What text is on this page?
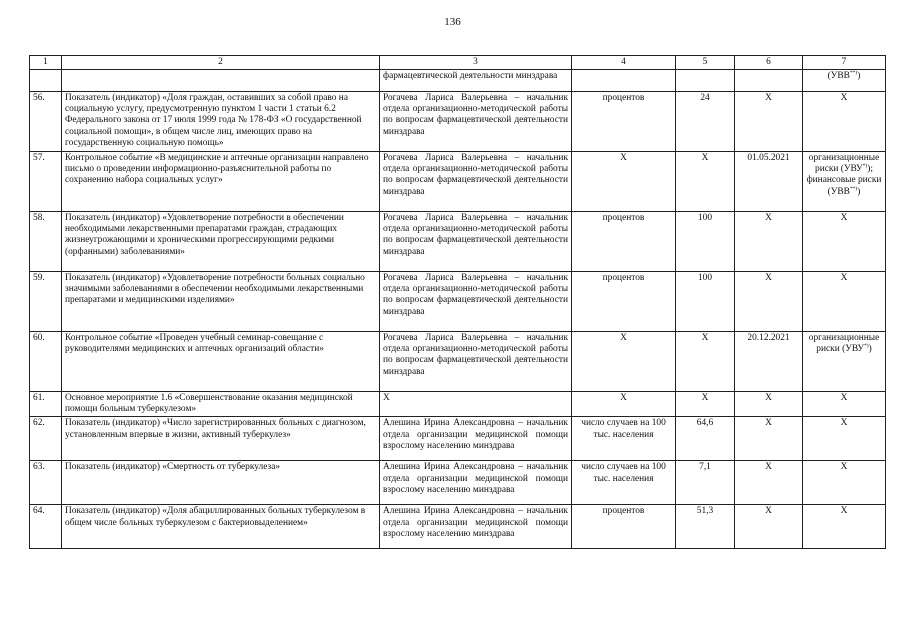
136
1	2	3	4	5	6	7
		фармацевтической деятельности минздрава				(УВВ**))

56.	Показатель (индикатор) «Доля граждан, оставивших за собой право на социальную услугу, предусмотренную пунктом 1 части 1 статьи 6.2 Федерального закона от 17 июля 1999 года № 178-ФЗ «О государственной социальной помощи», в общем числе лиц, имеющих право на государственную социальную помощь»	Рогачева Лариса Валерьевна – начальник отдела организационно-методической работы по вопросам фармацевтической деятельности минздрава	процентов	24	Х	Х

57.	Контрольное событие «В медицинские и аптечные организации направлено письмо о проведении информационно-разъяснительной работы по сохранению набора социальных услуг»	Рогачева Лариса Валерьевна – начальник отдела организационно-методической работы по вопросам фармацевтической деятельности минздрава	Х	Х	01.05.2021	организационные
риски (УВУ*));
финансовые риски
(УВВ**))

58.	Показатель (индикатор) «Удовлетворение потребности в обеспечении необходимыми лекарственными препаратами граждан, страдающих жизнеугрожающими и хроническими прогрессирующими редкими (орфанными) заболеваниями»	Рогачева Лариса Валерьевна – начальник отдела организационно-методической работы по вопросам фармацевтической деятельности минздрава	процентов	100	Х	Х

59.	Показатель (индикатор) «Удовлетворение потребности больных социально значимыми заболеваниями в обеспечении необходимыми лекарственными препаратами и медицинскими изделиями»	Рогачева Лариса Валерьевна – начальник отдела организационно-методической работы по вопросам фармацевтической деятельности минздрава	процентов	100	Х	Х

60.	Контрольное событие «Проведен учебный семинар-совещание с руководителями медицинских и аптечных организаций области»	Рогачева Лариса Валерьевна – начальник отдела организационно-методической работы по вопросам фармацевтической деятельности минздрава	Х	Х	20.12.2021	организационные
риски (УВУ*))

61.	Основное мероприятие 1.6 «Совершенствование оказания медицинской помощи больным туберкулезом»	Х	Х	Х	Х	Х

62.	Показатель (индикатор) «Число зарегистрированных больных с диагнозом, установленным впервые в жизни, активный туберкулез»	Алешина Ирина Александровна – начальник отдела организации медицинской помощи взрослому населению минздрава	число случаев на 100 тыс. населения	64,6	Х	Х

63.	Показатель (индикатор) «Смертность от туберкулеза»	Алешина Ирина Александровна – начальник отдела организации медицинской помощи взрослому населению минздрава	число случаев на 100 тыс. населения	7,1	Х	Х

64.	Показатель (индикатор) «Доля абациллированных больных туберкулезом в общем числе больных туберкулезом с бактериовыделением»	Алешина Ирина Александровна – начальник отдела организации медицинской помощи взрослому населению минздрава	процентов	51,3	Х	Х
